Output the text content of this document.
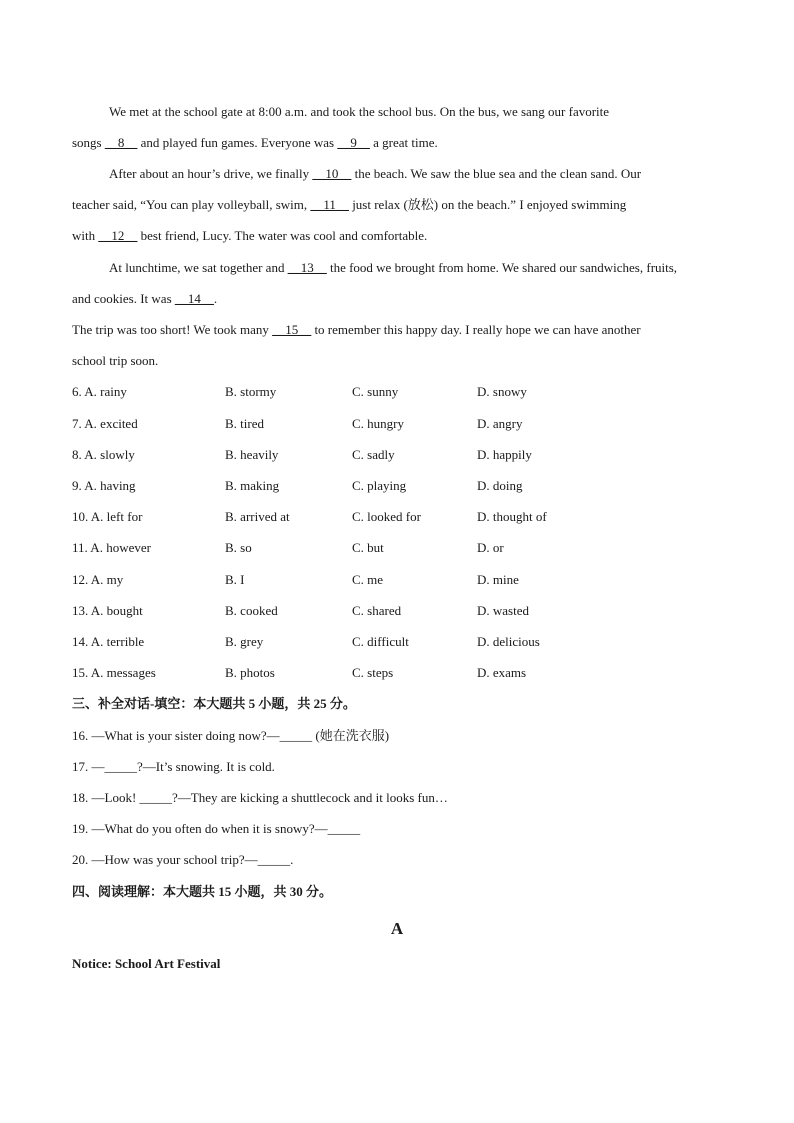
We met at the school gate at 8:00 a.m. and took the school bus. On the bus, we sang our favorite
songs __8__ and played fun games. Everyone was __9__ a great time.
After about an hour’s drive, we finally __10__ the beach. We saw the blue sea and the clean sand. Our
teacher said, “You can play volleyball, swim, __11__ just relax (放松) on the beach.” I enjoyed swimming
with __12__ best friend, Lucy. The water was cool and comfortable.
At lunchtime, we sat together and __13__ the food we brought from home. We shared our sandwiches, fruits,
and cookies. It was __14__.
The trip was too short! We took many __15__ to remember this happy day. I really hope we can have another
school trip soon.
6. A. rainy	B. stormy	C. sunny	D. snowy
7. A. excited	B. tired	C. hungry	D. angry
8. A. slowly	B. heavily	C. sadly	D. happily
9. A. having	B. making	C. playing	D. doing
10. A. left for	B. arrived at	C. looked for	D. thought of
11. A. however	B. so	C. but	D. or
12. A. my	B. I	C. me	D. mine
13. A. bought	B. cooked	C. shared	D. wasted
14. A. terrible	B. grey	C. difficult	D. delicious
15. A. messages	B. photos	C. steps	D. exams
三、补全对话-填空：本大题共 5 小题，共 25 分。
16. —What is your sister doing now?—_____ (她在洗衣服)
17. —_____?—It’s snowing. It is cold.
18. —Look! _____?—They are kicking a shuttlecock and it looks fun…
19. —What do you often do when it is snowy?—_____
20. —How was your school trip?—_____.
四、阅读理解：本大题共 15 小题，共 30 分。
A
Notice: School Art Festival
